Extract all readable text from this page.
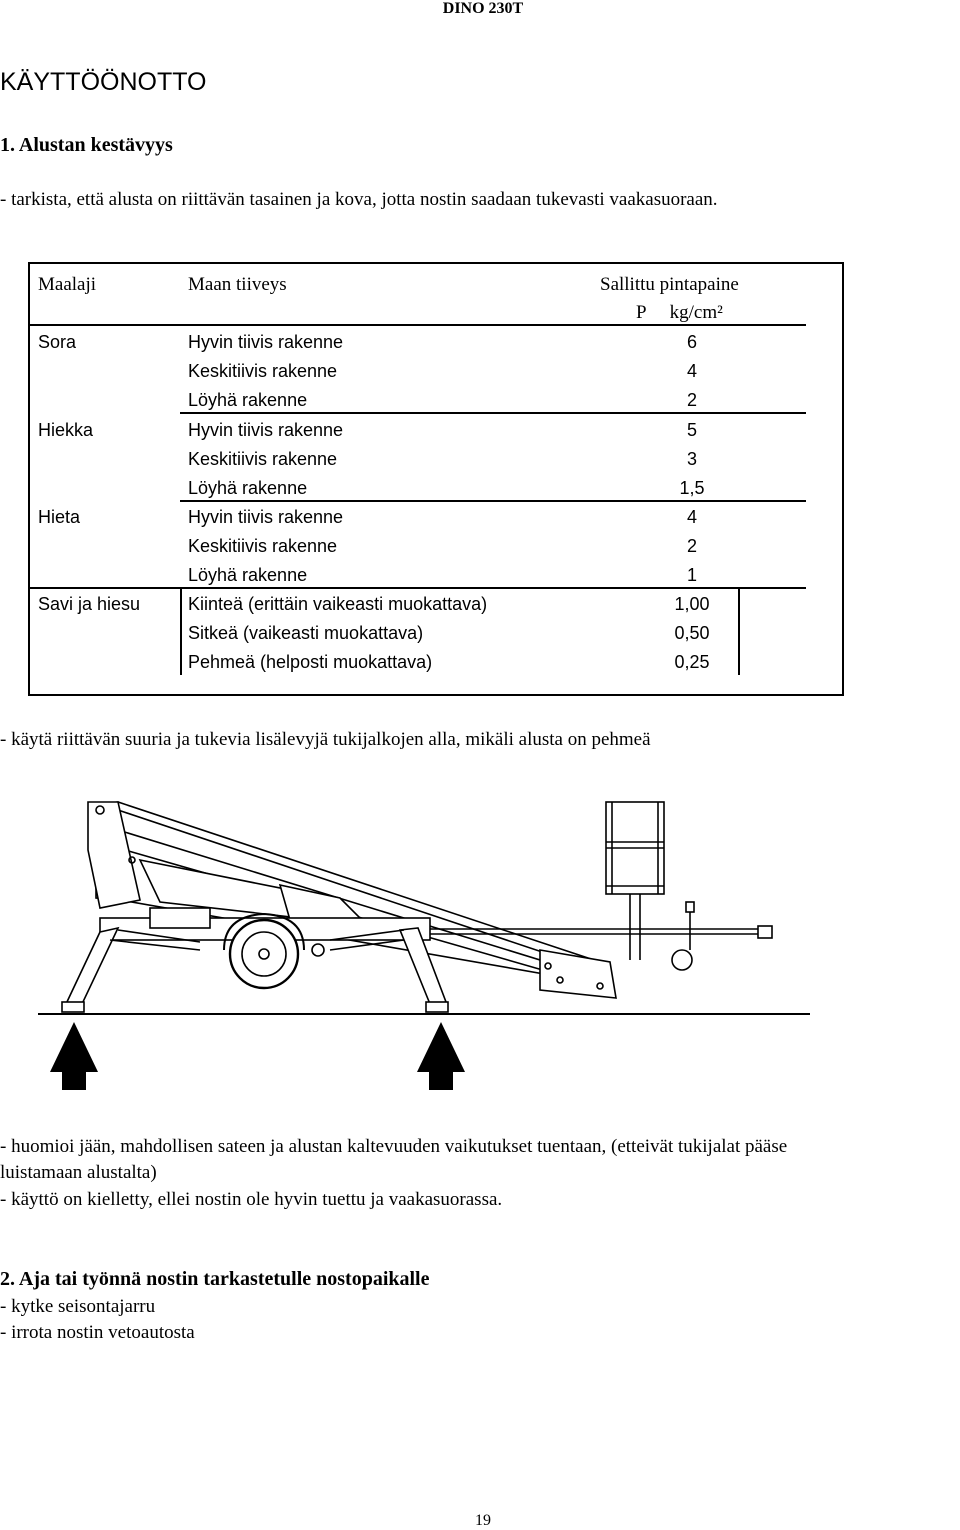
DINO 230T
KÄYTTÖÖNOTTO
1. Alustan kestävyys
- tarkista, että alusta on riittävän tasainen ja kova, jotta nostin saadaan tukevasti vaakasuoraan.
Maalaji	Maan tiiveys	Sallittu pintapaine
P     kg/cm²
Sora	Hyvin tiivis rakenne	6
Keskitiivis rakenne	4
Löyhä rakenne	2
Hiekka	Hyvin tiivis rakenne	5
Keskitiivis rakenne	3
Löyhä rakenne	1,5
Hieta	Hyvin tiivis rakenne	4
Keskitiivis rakenne	2
Löyhä rakenne	1
Savi ja hiesu	Kiinteä (erittäin vaikeasti muokattava)	1,00
Sitkeä (vaikeasti muokattava)	0,50
Pehmeä (helposti muokattava)	0,25
- käytä riittävän suuria ja tukevia lisälevyjä tukijalkojen alla, mikäli alusta on pehmeä
- huomioi jään, mahdollisen sateen ja alustan kaltevuuden vaikutukset tuentaan, (etteivät tukijalat pääse
luistamaan alustalta)
- käyttö on kielletty, ellei nostin ole hyvin tuettu ja vaakasuorassa.
2. Aja tai työnnä nostin tarkastetulle nostopaikalle
- kytke seisontajarru
- irrota nostin vetoautosta
19
